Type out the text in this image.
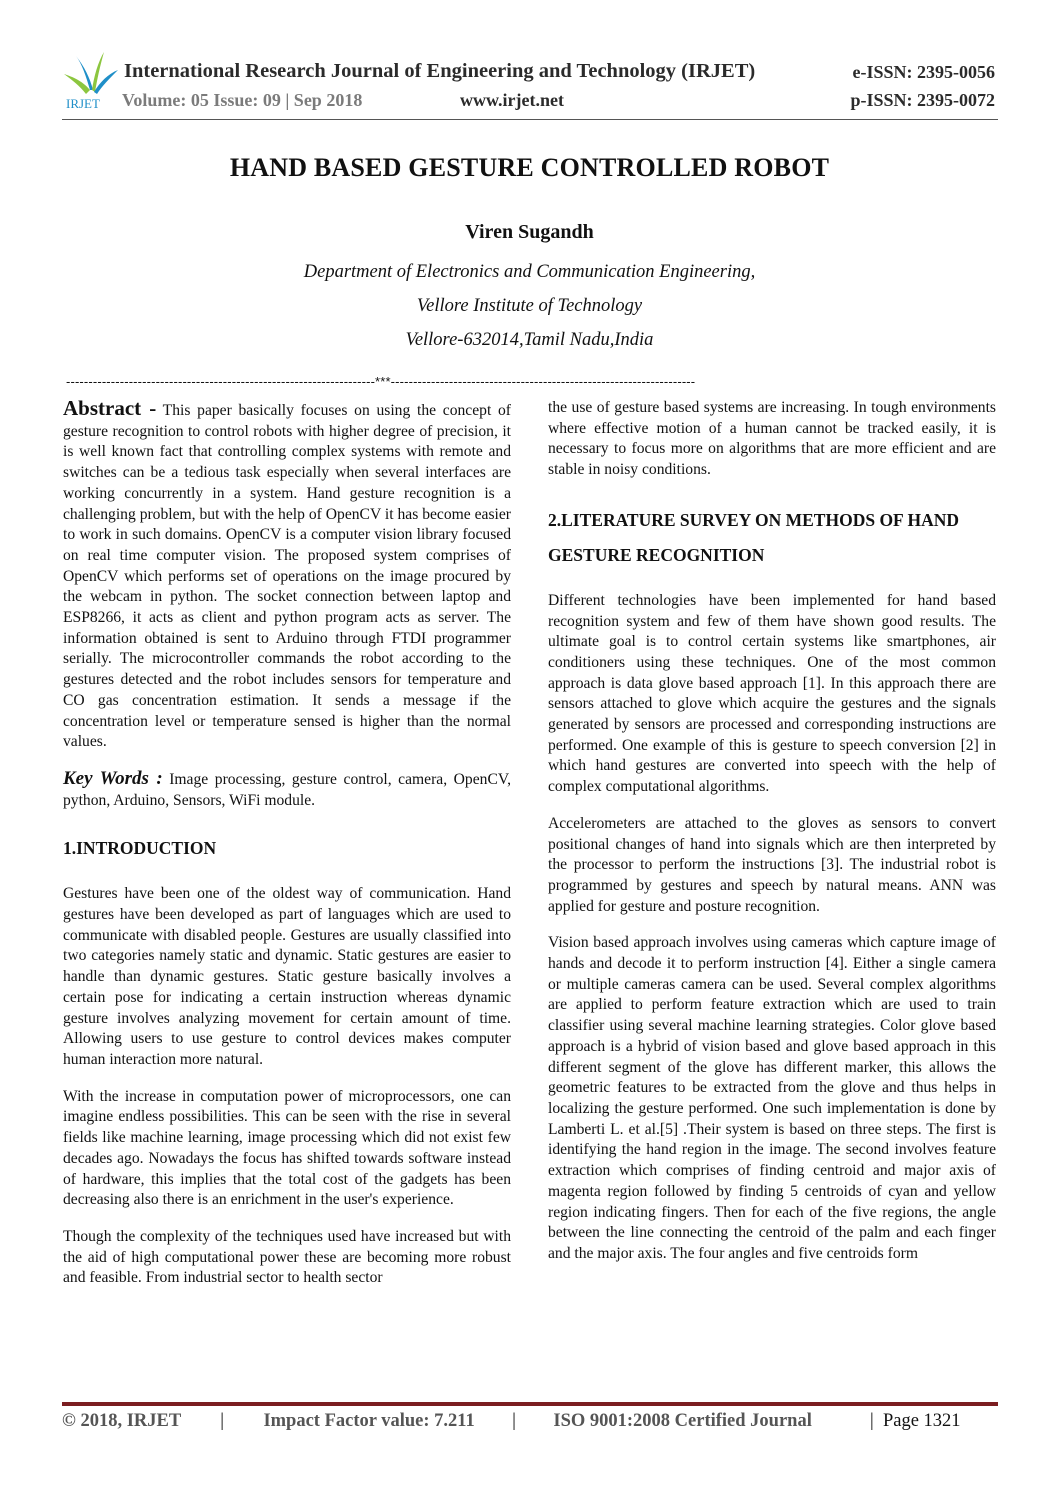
IRJET
International Research Journal of Engineering and Technology (IRJET)	e-ISSN: 2395-0056
Volume: 05 Issue: 09 | Sep 2018	www.irjet.net	p-ISSN: 2395-0072
HAND BASED GESTURE CONTROLLED ROBOT
Viren Sugandh
Department of Electronics and Communication Engineering,
Vellore Institute of Technology
Vellore-632014,Tamil Nadu,India
---------------------------------------------------------------------***--------------------------------------------------------------------

Abstract - This paper basically focuses on using the concept of gesture recognition to control robots with higher degree of precision, it is well known fact that controlling complex systems with remote and switches can be a tedious task especially when several interfaces are working concurrently in a system. Hand gesture recognition is a challenging problem, but with the help of OpenCV it has become easier to work in such domains. OpenCV is a computer vision library focused on real time computer vision. The proposed system comprises of OpenCV which performs set of operations on the image procured by the webcam in python. The socket connection between laptop and ESP8266, it acts as client and python program acts as server. The information obtained is sent to Arduino through FTDI programmer serially. The microcontroller commands the robot according to the gestures detected and the robot includes sensors for temperature and CO gas concentration estimation. It sends a message if the concentration level or temperature sensed is higher than the normal values.

Key Words : Image processing, gesture control, camera, OpenCV, python, Arduino, Sensors, WiFi module.

1.INTRODUCTION

Gestures have been one of the oldest way of communication. Hand gestures have been developed as part of languages which are used to communicate with disabled people. Gestures are usually classified into two categories namely static and dynamic. Static gestures are easier to handle than dynamic gestures. Static gesture basically involves a certain pose for indicating a certain instruction whereas dynamic gesture involves analyzing movement for certain amount of time. Allowing users to use gesture to control devices makes computer human interaction more natural.

With the increase in computation power of microprocessors, one can imagine endless possibilities. This can be seen with the rise in several fields like machine learning, image processing which did not exist few decades ago. Nowadays the focus has shifted towards software instead of hardware, this implies that the total cost of the gadgets has been decreasing also there is an enrichment in the user's experience.

Though the complexity of the techniques used have increased but with the aid of high computational power these are becoming more robust and feasible. From industrial sector to health sector

the use of gesture based systems are increasing. In tough environments where effective motion of a human cannot be tracked easily, it is necessary to focus more on algorithms that are more efficient and are stable in noisy conditions.

2.LITERATURE SURVEY ON METHODS OF HAND GESTURE RECOGNITION

Different technologies have been implemented for hand based recognition system and few of them have shown good results. The ultimate goal is to control certain systems like smartphones, air conditioners using these techniques. One of the most common approach is data glove based approach [1]. In this approach there are sensors attached to glove which acquire the gestures and the signals generated by sensors are processed and corresponding instructions are performed. One example of this is gesture to speech conversion [2] in which hand gestures are converted into speech with the help of complex computational algorithms.

Accelerometers are attached to the gloves as sensors to convert positional changes of hand into signals which are then interpreted by the processor to perform the instructions [3]. The industrial robot is programmed by gestures and speech by natural means. ANN was applied for gesture and posture recognition.

Vision based approach involves using cameras which capture image of hands and decode it to perform instruction [4]. Either a single camera or multiple cameras camera can be used. Several complex algorithms are applied to perform feature extraction which are used to train classifier using several machine learning strategies. Color glove based approach is a hybrid of vision based and glove based approach in this different segment of the glove has different marker, this allows the geometric features to be extracted from the glove and thus helps in localizing the gesture performed. One such implementation is done by Lamberti L. et al.[5] .Their system is based on three steps. The first is identifying the hand region in the image. The second involves feature extraction which comprises of finding centroid and major axis of magenta region followed by finding 5 centroids of cyan and yellow region indicating fingers. Then for each of the five regions, the angle between the line connecting the centroid of the palm and each finger and the major axis. The four angles and five centroids form

© 2018, IRJET | Impact Factor value: 7.211 | ISO 9001:2008 Certified Journal	| Page 1321
